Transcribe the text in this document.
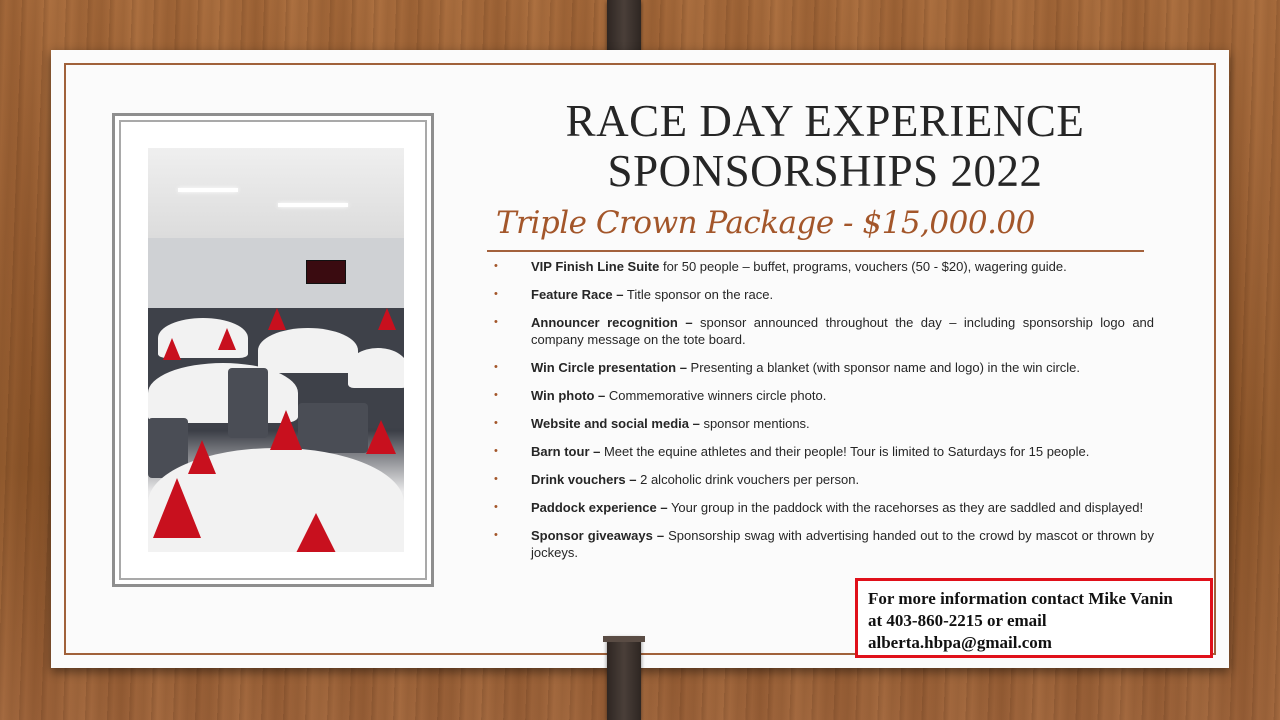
RACE DAY EXPERIENCE
SPONSORSHIPS 2022
Triple Crown Package - $15,000.00
•	VIP Finish Line Suite for 50 people – buffet, programs, vouchers (50 - $20), wagering guide.
•	Feature Race – Title sponsor on the race.
•	Announcer recognition – sponsor announced throughout the day – including sponsorship logo and company message on the tote board.
•	Win Circle presentation – Presenting a blanket (with sponsor name and logo) in the win circle.
•	Win photo – Commemorative winners circle photo.
•	Website and social media – sponsor mentions.
•	Barn tour – Meet the equine athletes and their people! Tour is limited to Saturdays for 15 people.
•	Drink vouchers – 2 alcoholic drink vouchers per person.
•	Paddock experience – Your group in the paddock with the racehorses as they are saddled and displayed!
•	Sponsor giveaways – Sponsorship swag with advertising handed out to the crowd by mascot or thrown by jockeys.
For more information contact Mike Vanin
at 403-860-2215 or email
alberta.hbpa@gmail.com
